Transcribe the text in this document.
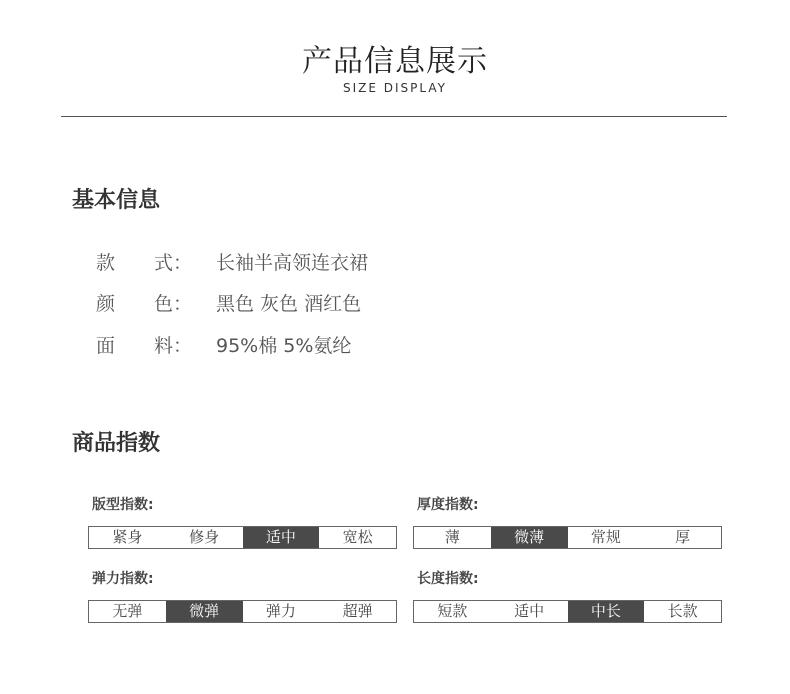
产品信息展示
SIZE DISPLAY
基本信息
款 式： 长袖半高领连衣裙
颜 色： 黑色 灰色 酒红色
面 料： 95%棉 5%氨纶
商品指数
版型指数:
紧身	修身	适中	宽松
厚度指数:
薄	微薄	常规	厚
弹力指数:
无弹	微弹	弹力	超弹
长度指数:
短款	适中	中长	长款
